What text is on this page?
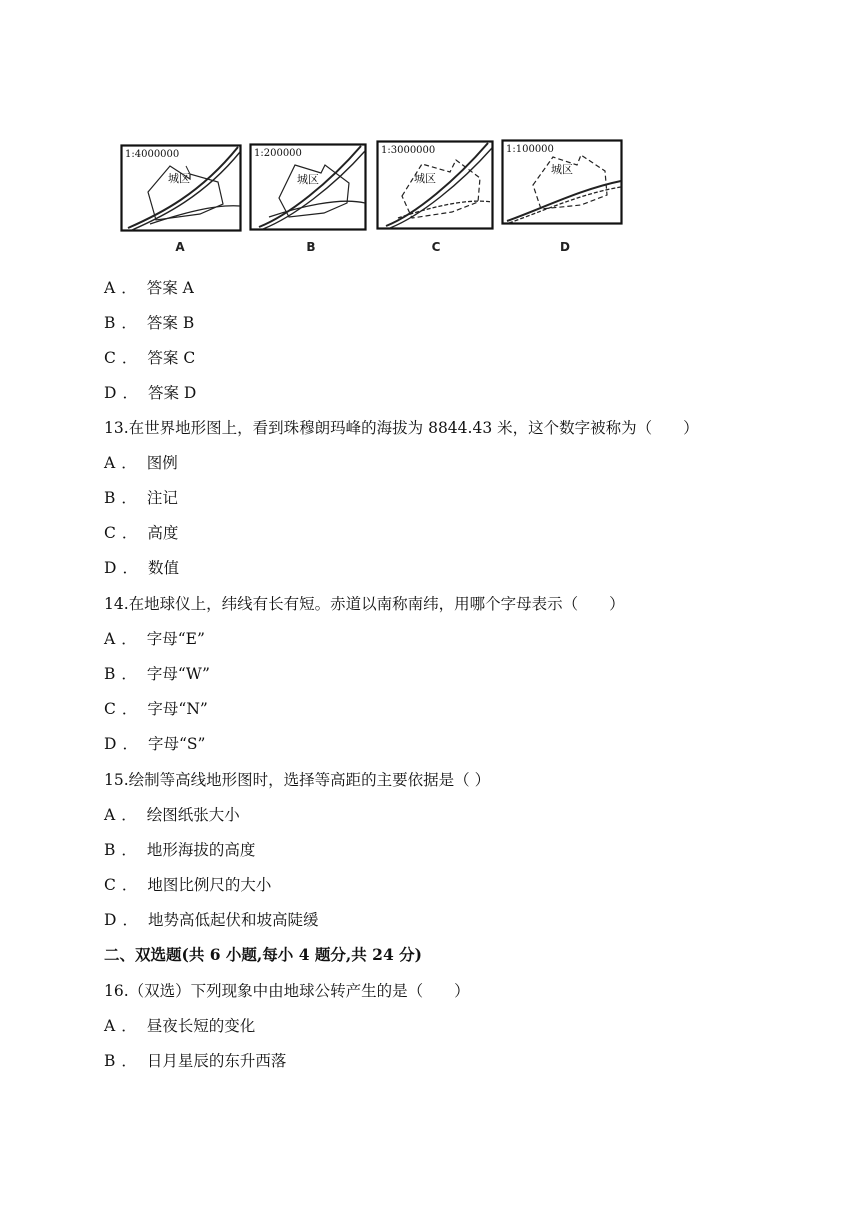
1:4000000
城区
A
1:200000
城区
B
1:3000000
城区
C
1:100000
城区
D
A ． 答案 A
B ． 答案 B
C ． 答案 C
D ． 答案 D
13.在世界地形图上，看到珠穆朗玛峰的海拔为 8844.43 米，这个数字被称为（　　）
A ． 图例
B ． 注记
C ． 高度
D ． 数值
14.在地球仪上，纬线有长有短。赤道以南称南纬，用哪个字母表示（　　）
A ． 字母“E”
B ． 字母“W”
C ． 字母“N”
D ． 字母“S”
15.绘制等高线地形图时，选择等高距的主要依据是（ ）
A ． 绘图纸张大小
B ． 地形海拔的高度
C ． 地图比例尺的大小
D ． 地势高低起伏和坡高陡缓
二、双选题(共 6 小题,每小 4 题分,共 24 分)
16.（双选）下列现象中由地球公转产生的是（　　）
A ． 昼夜长短的变化
B ． 日月星辰的东升西落
